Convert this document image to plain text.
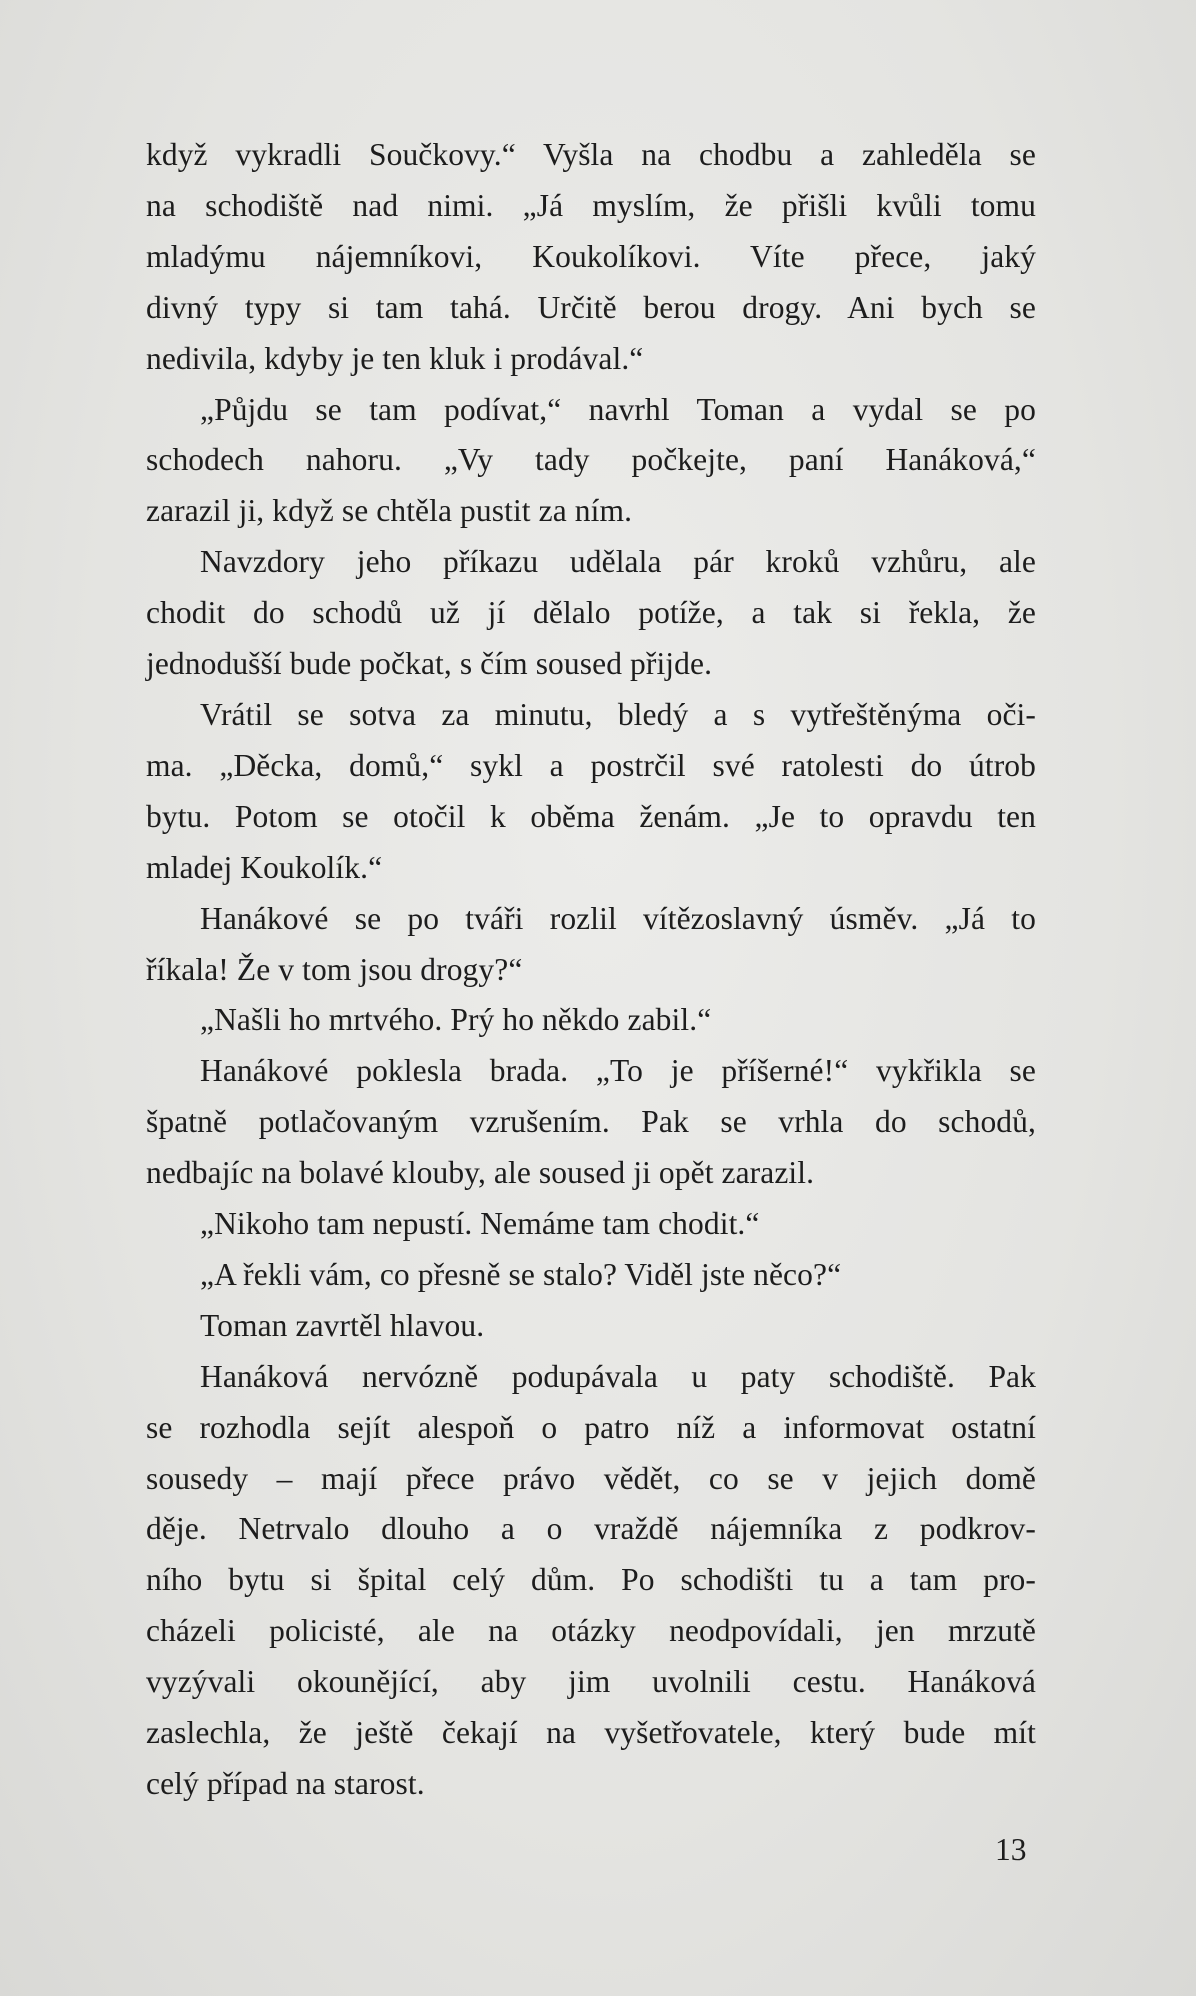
když vykradli Součkovy.“ Vyšla na chodbu a zahleděla se
na schodiště nad nimi. „Já myslím, že přišli kvůli tomu
mladýmu nájemníkovi, Koukolíkovi. Víte přece, jaký
divný typy si tam tahá. Určitě berou drogy. Ani bych se
nedivila, kdyby je ten kluk i prodával.“
„Půjdu se tam podívat,“ navrhl Toman a vydal se po
schodech nahoru. „Vy tady počkejte, paní Hanáková,“
zarazil ji, když se chtěla pustit za ním.
Navzdory jeho příkazu udělala pár kroků vzhůru, ale
chodit do schodů už jí dělalo potíže, a tak si řekla, že
jednodušší bude počkat, s čím soused přijde.
Vrátil se sotva za minutu, bledý a s vytřeštěnýma oči-
ma. „Děcka, domů,“ sykl a postrčil své ratolesti do útrob
bytu. Potom se otočil k oběma ženám. „Je to opravdu ten
mladej Koukolík.“
Hanákové se po tváři rozlil vítězoslavný úsměv. „Já to
říkala! Že v tom jsou drogy?“
„Našli ho mrtvého. Prý ho někdo zabil.“
Hanákové poklesla brada. „To je příšerné!“ vykřikla se
špatně potlačovaným vzrušením. Pak se vrhla do schodů,
nedbajíc na bolavé klouby, ale soused ji opět zarazil.
„Nikoho tam nepustí. Nemáme tam chodit.“
„A řekli vám, co přesně se stalo? Viděl jste něco?“
Toman zavrtěl hlavou.
Hanáková nervózně podupávala u paty schodiště. Pak
se rozhodla sejít alespoň o patro níž a informovat ostatní
sousedy – mají přece právo vědět, co se v jejich domě
děje. Netrvalo dlouho a o vraždě nájemníka z podkrov-
ního bytu si špital celý dům. Po schodišti tu a tam pro-
cházeli policisté, ale na otázky neodpovídali, jen mrzutě
vyzývali okounějící, aby jim uvolnili cestu. Hanáková
zaslechla, že ještě čekají na vyšetřovatele, který bude mít
celý případ na starost.
13
